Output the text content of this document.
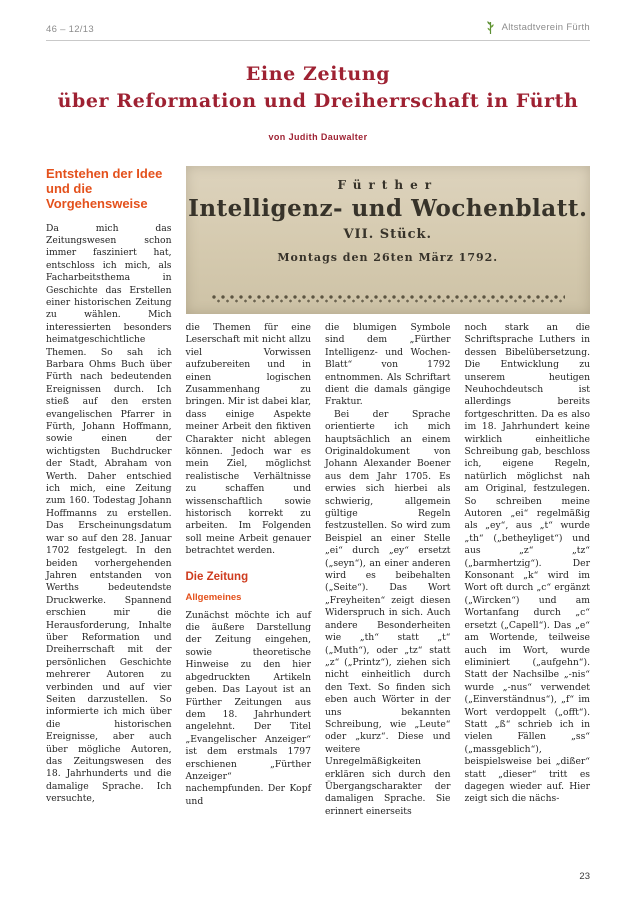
46 – 12/13	Altstadtverein Fürth
Eine Zeitung
über Reformation und Dreiherrschaft in Fürth
von Judith Dauwalter
Entstehen der Idee und die Vorgehensweise

Da mich das Zeitungswesen schon immer fasziniert hat, entschloss ich mich, als Facharbeitsthema in Geschichte das Erstellen einer historischen Zeitung zu wählen. Mich interessierten besonders heimatgeschichtliche Themen. So sah ich Barbara Ohms Buch über Fürth nach bedeutenden Ereignissen durch. Ich stieß auf den ersten evangelischen Pfarrer in Fürth, Johann Hoffmann, sowie einen der wichtigsten Buchdrucker der Stadt, Abraham von Werth. Daher entschied ich mich, eine Zeitung zum 160. Todestag Johann Hoffmanns zu erstellen. Das Erscheinungsdatum war so auf den 28. Januar 1702 festgelegt. In den beiden vorhergehenden Jahren entstanden von Werths bedeutendste Druckwerke. Spannend erschien mir die Herausforderung, Inhalte über Reformation und Dreiherrschaft mit der persönlichen Geschichte mehrerer Autoren zu verbinden und auf vier Seiten darzustellen. So informierte ich mich über die historischen Ereignisse, aber auch über mögliche Autoren, das Zeitungswesen des 18. Jahrhunderts und die damalige Sprache. Ich versuchte,

Fürther
Intelligenz- und Wochenblatt.
VII. Stück.
Montags den 26ten März 1792.

die Themen für eine Leserschaft mit nicht allzu viel Vorwissen aufzubereiten und in einen logischen Zusammenhang zu bringen. Mir ist dabei klar, dass einige Aspekte meiner Arbeit den fiktiven Charakter nicht ablegen können. Jedoch war es mein Ziel, möglichst realistische Verhältnisse zu schaffen und wissenschaftlich sowie historisch korrekt zu arbeiten. Im Folgenden soll meine Arbeit genauer betrachtet werden.

Die Zeitung
Allgemeines

Zunächst möchte ich auf die äußere Darstellung der Zeitung eingehen, sowie theoretische Hinweise zu den hier abgedruckten Artikeln geben. Das Layout ist an Fürther Zeitungen aus dem 18. Jahrhundert angelehnt. Der Titel „Evangelischer Anzeiger“ ist dem erstmals 1797 erschienen „Fürther Anzeiger“ nachempfunden. Der Kopf und

die blumigen Symbole sind dem „Fürther Intelligenz- und Wochen-Blatt“ von 1792 entnommen. Als Schriftart dient die damals gängige Fraktur.

Bei der Sprache orientierte ich mich hauptsächlich an einem Originaldokument von Johann Alexander Boener aus dem Jahr 1705. Es erwies sich hierbei als schwierig, allgemein gültige Regeln festzustellen. So wird zum Beispiel an einer Stelle „ei“ durch „ey“ ersetzt („seyn“), an einer anderen wird es beibehalten („Seite“). Das Wort „Freyheiten“ zeigt diesen Widerspruch in sich. Auch andere Besonderheiten wie „th“ statt „t“ („Muth“), oder „tz“ statt „z“ („Printz“), ziehen sich nicht einheitlich durch den Text. So finden sich eben auch Wörter in der uns bekannten Schreibung, wie „Leute“ oder „kurz“. Diese und weitere Unregelmäßigkeiten erklären sich durch den Übergangscharakter der damaligen Sprache. Sie erinnert einerseits

noch stark an die Schriftsprache Luthers in dessen Bibelübersetzung. Die Entwicklung zu unserem heutigen Neuhochdeutsch ist allerdings bereits fortgeschritten. Da es also im 18. Jahrhundert keine wirklich einheitliche Schreibung gab, beschloss ich, eigene Regeln, natürlich möglichst nah am Original, festzulegen. So schreiben meine Autoren „ei“ regelmäßig als „ey“, aus „t“ wurde „th“ („betheyliget“) und aus „z“ „tz“ („barmhertzig“). Der Konsonant „k“ wird im Wort oft durch „c“ ergänzt („Wircken“) und am Wortanfang durch „c“ ersetzt („Capell“). Das „e“ am Wortende, teilweise auch im Wort, wurde eliminiert („aufgehn“). Statt der Nachsilbe „-nis“ wurde „-nus“ verwendet („Einverständnus“), „f“ im Wort verdoppelt („offt“). Statt „ß“ schrieb ich in vielen Fällen „ss“ („massgeblich“), beispielsweise bei „dißer“ statt „dieser“ tritt es dagegen wieder auf. Hier zeigt sich die nächs-

23
